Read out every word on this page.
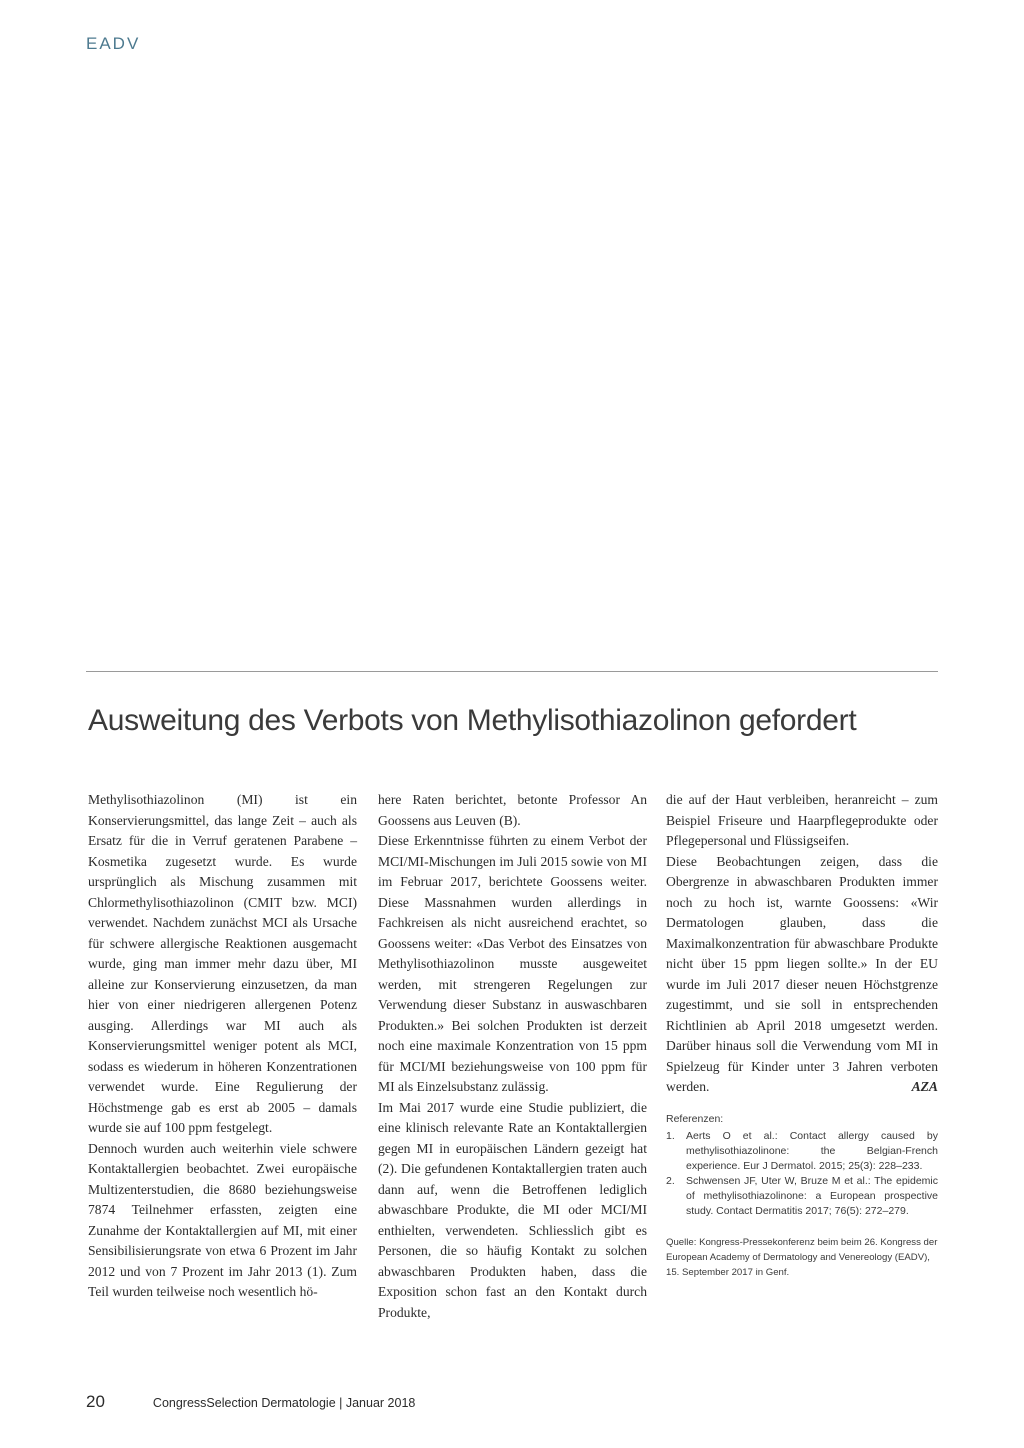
EADV
Ausweitung des Verbots von Methylisothiazolinon gefordert

Methylisothiazolinon (MI) ist ein Konservierungsmittel, das lange Zeit – auch als Ersatz für die in Verruf geratenen Parabene – Kosmetika zugesetzt wurde. Es wurde ursprünglich als Mischung zusammen mit Chlormethylisothiazolinon (CMIT bzw. MCI) verwendet. Nachdem zunächst MCI als Ursache für schwere allergische Reaktionen ausgemacht wurde, ging man immer mehr dazu über, MI alleine zur Konservierung einzusetzen, da man hier von einer niedrigeren allergenen Potenz ausging. Allerdings war MI auch als Konservierungsmittel weniger potent als MCI, sodass es wiederum in höheren Konzentrationen verwendet wurde. Eine Regulierung der Höchstmenge gab es erst ab 2005 – damals wurde sie auf 100 ppm festgelegt.

Dennoch wurden auch weiterhin viele schwere Kontaktallergien beobachtet. Zwei europäische Multizenterstudien, die 8680 beziehungsweise 7874 Teilnehmer erfassten, zeigten eine Zunahme der Kontaktallergien auf MI, mit einer Sensibilisierungsrate von etwa 6 Prozent im Jahr 2012 und von 7 Prozent im Jahr 2013 (1). Zum Teil wurden teilweise noch wesentlich hö-

here Raten berichtet, betonte Professor An Goossens aus Leuven (B).

Diese Erkenntnisse führten zu einem Verbot der MCI/MI-Mischungen im Juli 2015 sowie von MI im Februar 2017, berichtete Goossens weiter. Diese Massnahmen wurden allerdings in Fachkreisen als nicht ausreichend erachtet, so Goossens weiter: «Das Verbot des Einsatzes von Methylisothiazolinon musste ausgeweitet werden, mit strengeren Regelungen zur Verwendung dieser Substanz in auswaschbaren Produkten.» Bei solchen Produkten ist derzeit noch eine maximale Konzentration von 15 ppm für MCI/MI beziehungsweise von 100 ppm für MI als Einzelsubstanz zulässig.

Im Mai 2017 wurde eine Studie publiziert, die eine klinisch relevante Rate an Kontaktallergien gegen MI in europäischen Ländern gezeigt hat (2). Die gefundenen Kontaktallergien traten auch dann auf, wenn die Betroffenen lediglich abwaschbare Produkte, die MI oder MCI/MI enthielten, verwendeten. Schliesslich gibt es Personen, die so häufig Kontakt zu solchen abwaschbaren Produkten haben, dass die Exposition schon fast an den Kontakt durch Produkte,

die auf der Haut verbleiben, heranreicht – zum Beispiel Friseure und Haarpflegeprodukte oder Pflegepersonal und Flüssigseifen.

Diese Beobachtungen zeigen, dass die Obergrenze in abwaschbaren Produkten immer noch zu hoch ist, warnte Goossens: «Wir Dermatologen glauben, dass die Maximalkonzentration für abwaschbare Produkte nicht über 15 ppm liegen sollte.» In der EU wurde im Juli 2017 dieser neuen Höchstgrenze zugestimmt, und sie soll in entsprechenden Richtlinien ab April 2018 umgesetzt werden. Darüber hinaus soll die Verwendung vom MI in Spielzeug für Kinder unter 3 Jahren verboten werden.	AZA

Referenzen:
1.	Aerts O et al.: Contact allergy caused by methylisothiazolinone: the Belgian-French experience. Eur J Dermatol. 2015; 25(3): 228–233.
2.	Schwensen JF, Uter W, Bruze M et al.: The epidemic of methylisothiazolinone: a European prospective study. Contact Dermatitis 2017; 76(5): 272–279.
Quelle: Kongress-Pressekonferenz beim beim 26. Kongress der European Academy of Dermatology and Venereology (EADV), 15. September 2017 in Genf.
20	CongressSelection Dermatologie | Januar 2018
